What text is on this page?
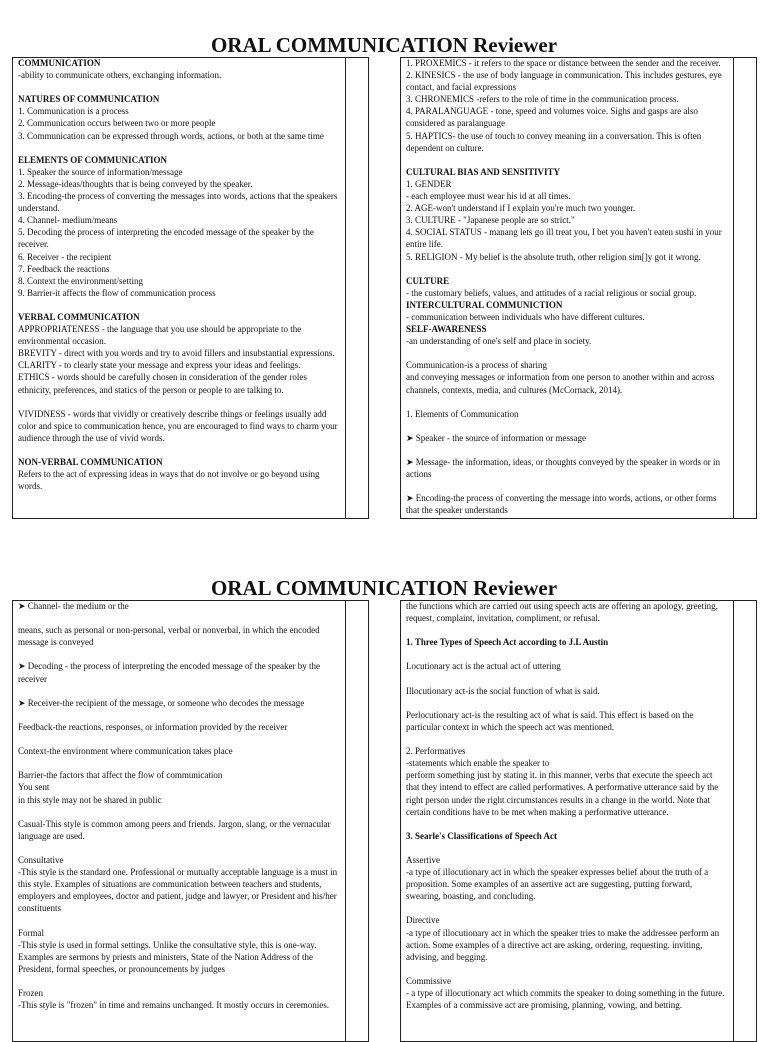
ORAL COMMUNICATION Reviewer

COMMUNICATION

-ability to communicate others, exchanging information.

NATURES OF COMMUNICATION

1. Communication is a process

2. Communication occurs between two or more people

3. Communication can be expressed through words, actions, or both at the same time

ELEMENTS OF COMMUNICATION

1. Speaker the source of information/message

2. Message-ideas/thoughts that is being conveyed by the speaker.

3. Encoding-the process of converting the messages into words, actions that the speakers understand.

4. Channel- medium/means

5. Decoding the process of interpreting the encoded message of the speaker by the receiver.

6. Receiver - the recipient

7. Feedback the reactions

8. Context the environment/setting

9. Barrier-it affects the flow of communication process

VERBAL COMMUNICATION

APPROPRIATENESS - the language that you use should be appropriate to the environmental occasion.

BREVITY - direct with you words and try to avoid fillers and insubstantial expressions.

CLARITY - to clearly state your message and express your ideas and feelings.

ETHICS - words should be carefully chosen in consideration of the gender roles ethnicity, preferences, and statics of the person or people to are talking to.

VIVIDNESS - words that vividly or creatively describe things or feelings usually add color and spice to communication hence, you are encouraged to find ways to charm your audience through the use of vivid words.

NON-VERBAL COMMUNICATION

Refers to the act of expressing ideas in ways that do not involve or go beyond using words.

1. PROXEMICS - it refers to the space or distance between the sender and the receiver.

2. KINESICS - the use of body language in communication. This includes gestures, eye contact, and facial expressions

3. CHRONEMICS -refers to the role of time in the communication process.

4. PARALANGUAGE - tone, speed and volumes voice. Sighs and gasps are also considered as paralanguage

5. HAPTICS- the use of touch to convey meaning iin a conversation. This is often dependent on culture.

CULTURAL BIAS AND SENSITIVITY

1. GENDER

- each employee must wear his id at all times.

2. AGE-won't understand if I explain you're much two younger.

3. CULTURE - "Japanese people are so strict."

4. SOCIAL STATUS - manang lets go ill treat you, I bet you haven't eaten sushi in your entire life.

5. RELIGION - My belief is the absolute truth, other religion sim[]y got it wrong.

CULTURE

- the customary beliefs, values, and attitudes of a racial religious or social group.

INTERCULTURAL COMMUNICTION

- communication between individuals who have different cultures.

SELF-AWARENESS

-an understanding of one's self and place in society.

Communication-is a process of sharing

and conveying messages or information from one person to another within and across channels, contexts, media, and cultures (McCornack, 2014).

1. Elements of Communication

➤ Speaker - the source of information or message

➤ Message- the information, ideas, or thoughts conveyed by the speaker in words or in actions

➤ Encoding-the process of converting the message into words, actions, or other forms that the speaker understands

ORAL COMMUNICATION Reviewer

➤ Channel- the medium or the

means, such as personal or non-personal, verbal or nonverbal, in which the encoded message is conveyed

➤ Decoding - the process of interpreting the encoded message of the speaker by the receiver

➤ Receiver-the recipient of the message, or someone who decodes the message

Feedback-the reactions, responses, or information provided by the receiver

Context-the environment where communication takes place

Barrier-the factors that affect the flow of communication

You sent

in this style may not be shared in public

Casual-This style is common among peers and friends. Jargon, slang, or the vernacular language are used.

Consultative

-This style is the standard one. Professional or mutually acceptable language is a must in this style. Examples of situations are communication between teachers and students, employers and employees, doctor and patient, judge and lawyer, or President and his/her constituents

Formal

-This style is used in formal settings. Unlike the consultative style, this is one-way. Examples are sermons by priests and ministers, State of the Nation Address of the President, formal speeches, or pronouncements by judges

Frozen

-This style is "frozen" in time and remains unchanged. It mostly occurs in ceremonies.

the functions which are carried out using speech acts are offering an apology, greeting, request, complaint, invitation, compliment, or refusal.

1. Three Types of Speech Act according to J.L Austin

Locutionary act is the actual act of uttering

Illocutionary act-is the social function of what is said.

Perlocutionary act-is the resulting act of what is said. This effect is based on the particular context in which the speech act was mentioned.

2. Performatives

-statements which enable the speaker to

perform something just by stating it. in this manner, verbs that execute the speech act that they intend to effect are called performatives. A performative utterance said by the right person under the right circumstances results in a change in the world. Note that certain conditions have to be met when making a performative utterance.

3. Searle's Classifications of Speech Act

Assertive

-a type of illocutionary act in which the speaker expresses belief about the truth of a proposition. Some examples of an assertive act are suggesting, putting forward, swearing, boasting, and concluding.

Directive

-a type of illocutionary act in which the speaker tries to make the addressee perform an action. Some examples of a directive act are asking, ordering, requesting. inviting, advising, and begging.

Commissive

- a type of illocutionary act which commits the speaker to doing something in the future. Examples of a commissive act are promising, planning, vowing, and betting.
